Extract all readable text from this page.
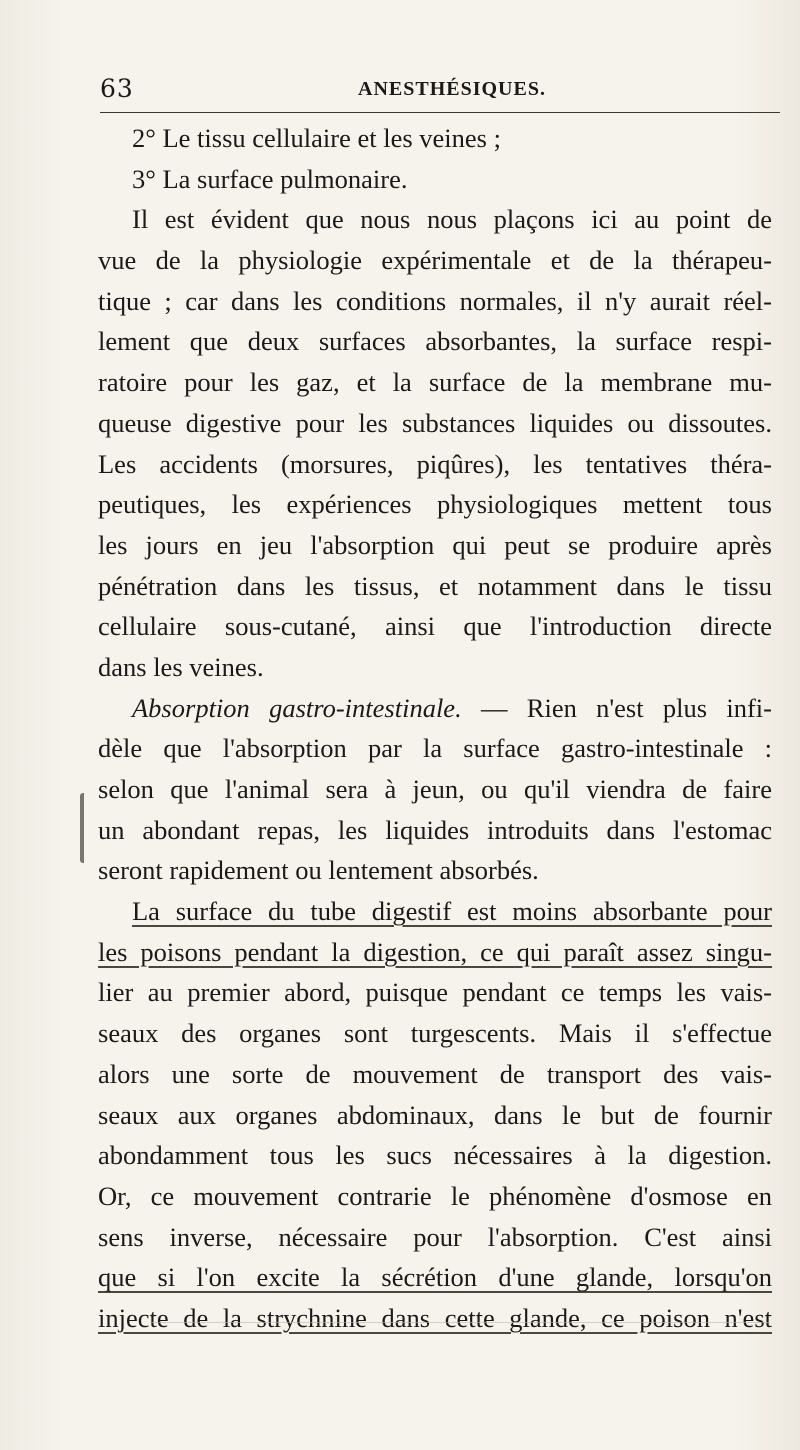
63	ANESTHÉSIQUES.
2° Le tissu cellulaire et les veines ;
3° La surface pulmonaire.
Il est évident que nous nous plaçons ici au point de
vue de la physiologie expérimentale et de la thérapeu-
tique ; car dans les conditions normales, il n'y aurait réel-
lement que deux surfaces absorbantes, la surface respi-
ratoire pour les gaz, et la surface de la membrane mu-
queuse digestive pour les substances liquides ou dissoutes.
Les accidents (morsures, piqûres), les tentatives théra-
peutiques, les expériences physiologiques mettent tous
les jours en jeu l'absorption qui peut se produire après
pénétration dans les tissus, et notamment dans le tissu
cellulaire sous-cutané, ainsi que l'introduction directe
dans les veines.
Absorption gastro-intestinale. — Rien n'est plus infi-
dèle que l'absorption par la surface gastro-intestinale :
selon que l'animal sera à jeun, ou qu'il viendra de faire
un abondant repas, les liquides introduits dans l'estomac
seront rapidement ou lentement absorbés.
La surface du tube digestif est moins absorbante pour
les poisons pendant la digestion, ce qui paraît assez singu-
lier au premier abord, puisque pendant ce temps les vais-
seaux des organes sont turgescents. Mais il s'effectue
alors une sorte de mouvement de transport des vais-
seaux aux organes abdominaux, dans le but de fournir
abondamment tous les sucs nécessaires à la digestion.
Or, ce mouvement contrarie le phénomène d'osmose en
sens inverse, nécessaire pour l'absorption. C'est ainsi
que si l'on excite la sécrétion d'une glande, lorsqu'on
injecte de la strychnine dans cette glande, ce poison n'est
